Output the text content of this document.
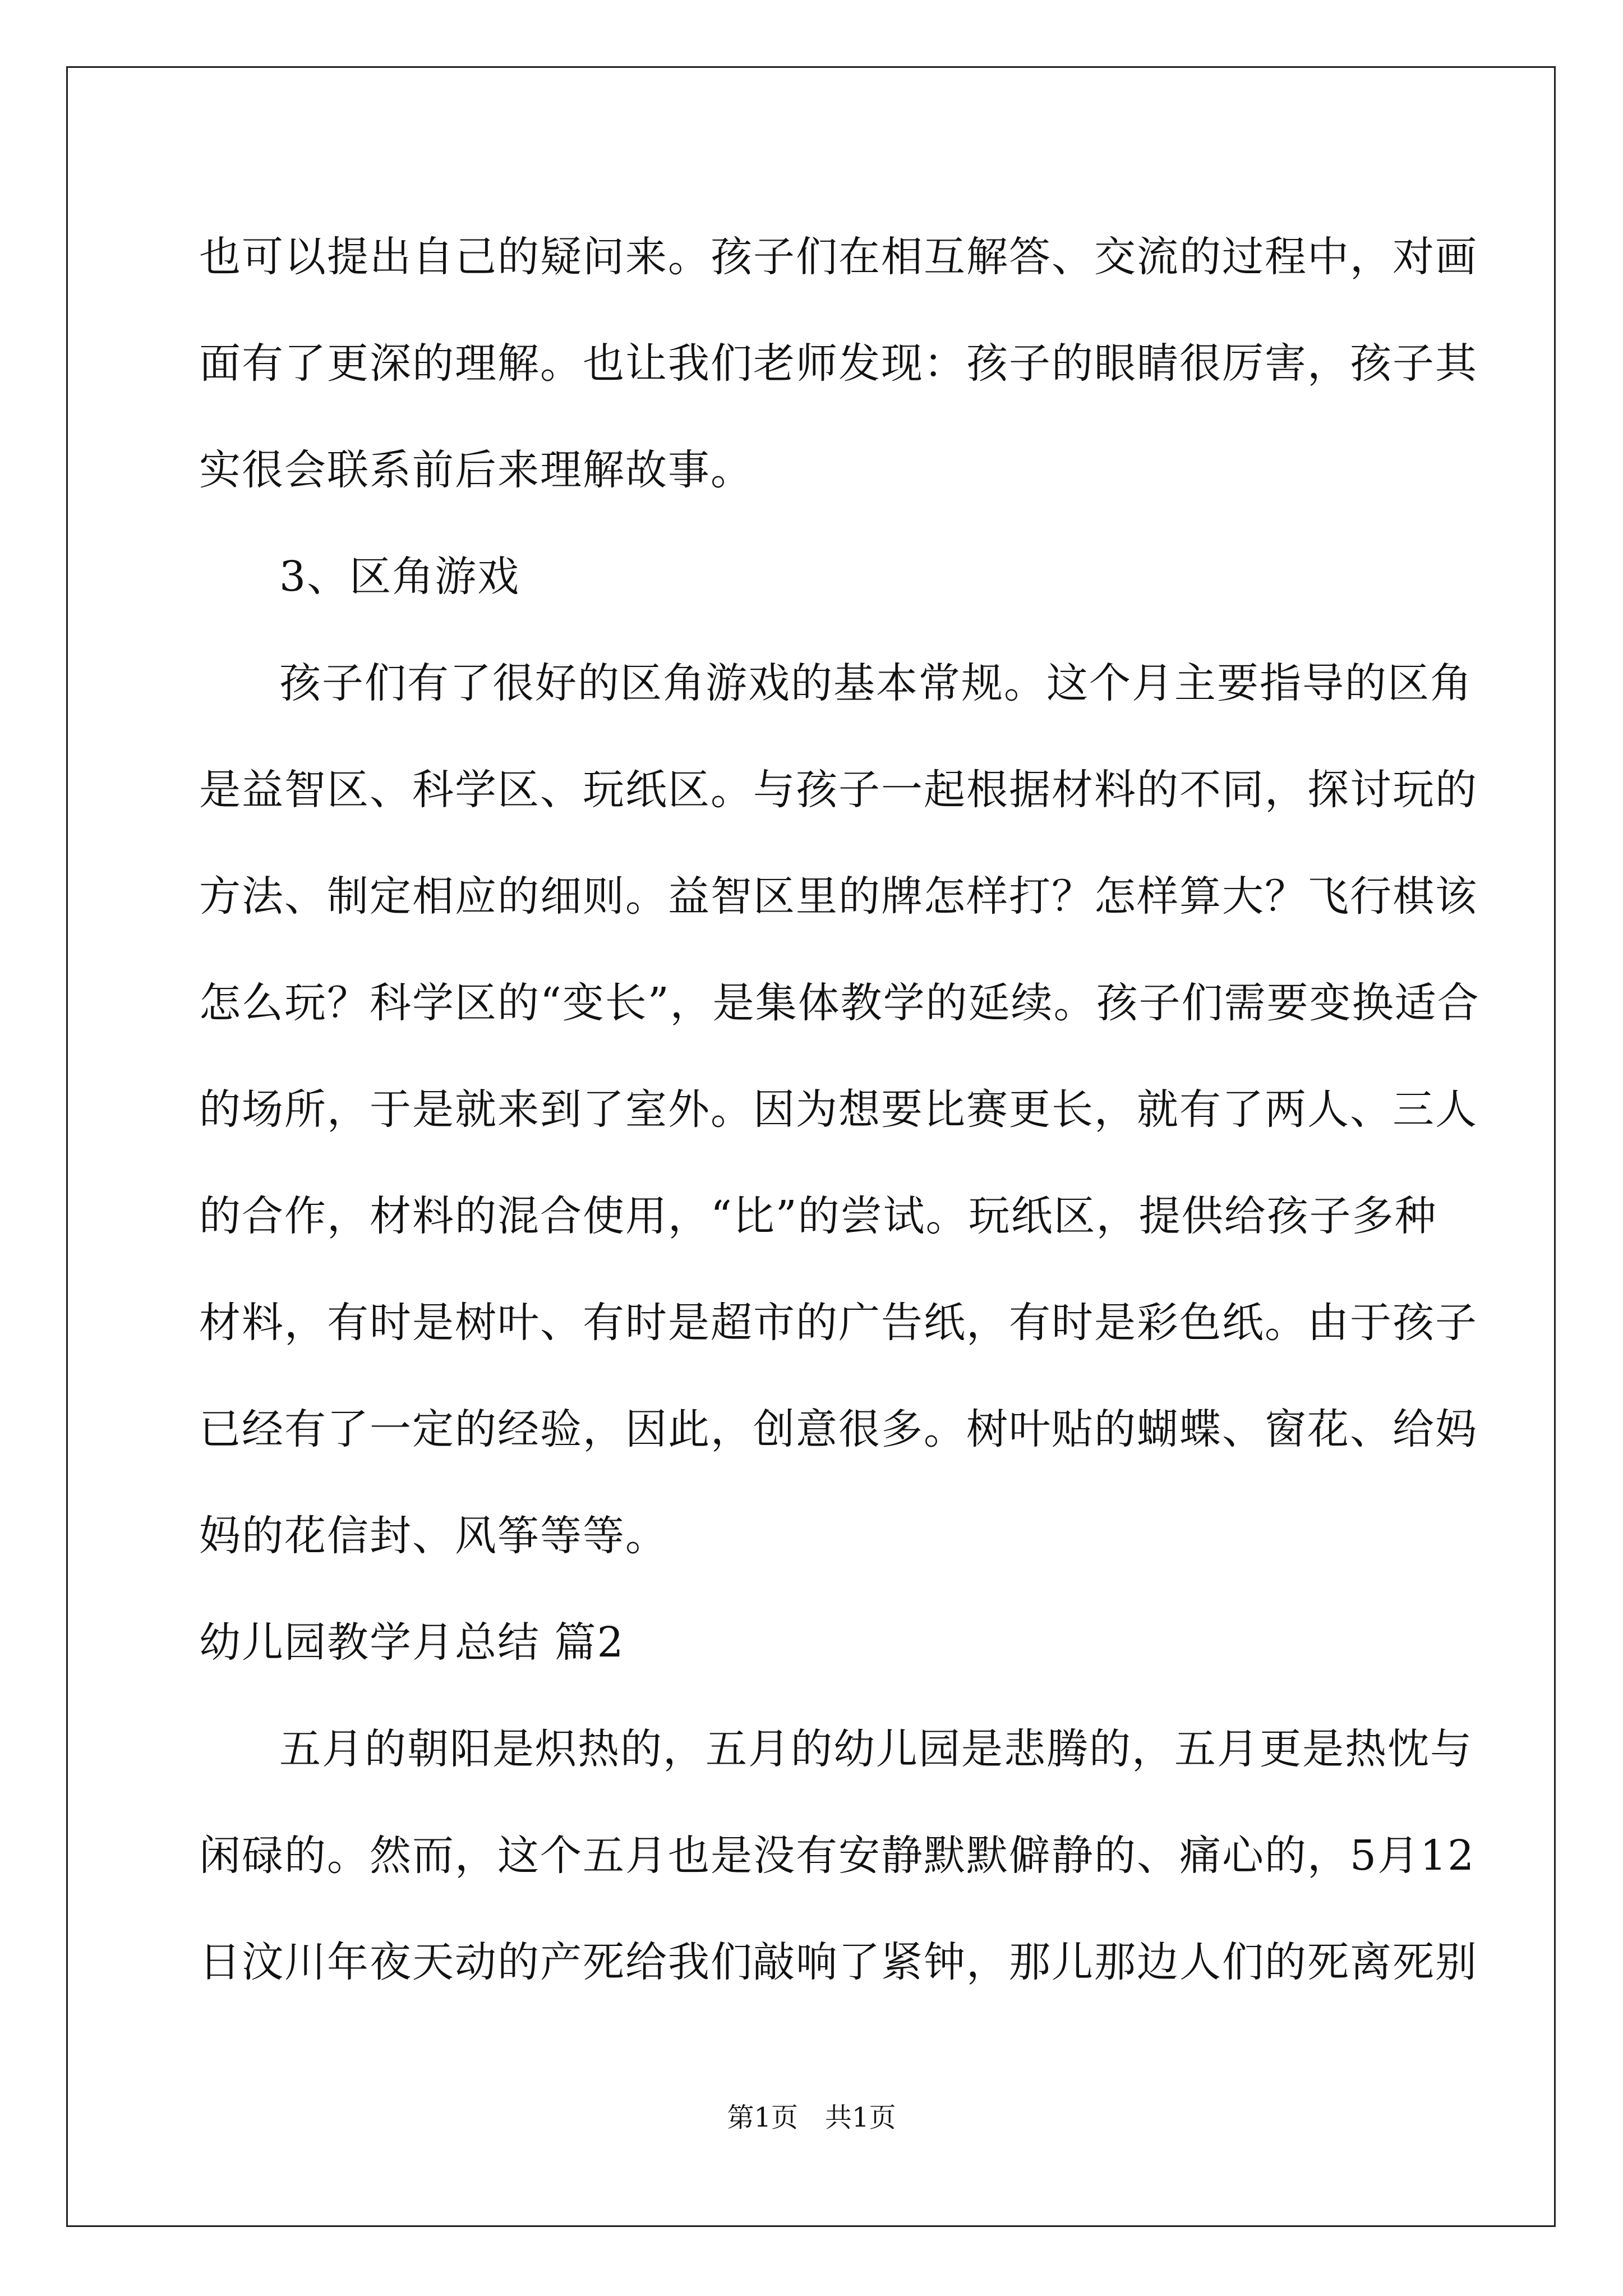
也可以提出自己的疑问来。孩子们在相互解答、交流的过程中，对画
面有了更深的理解。也让我们老师发现：孩子的眼睛很厉害，孩子其
实很会联系前后来理解故事。
3、区角游戏
孩子们有了很好的区角游戏的基本常规。这个月主要指导的区角
是益智区、科学区、玩纸区。与孩子一起根据材料的不同，探讨玩的
方法、制定相应的细则。益智区里的牌怎样打？怎样算大？飞行棋该
怎么玩？科学区的“变长”，是集体教学的延续。孩子们需要变换适合
的场所，于是就来到了室外。因为想要比赛更长，就有了两人、三人
的合作，材料的混合使用，“比”的尝试。玩纸区，提供给孩子多种
材料，有时是树叶、有时是超市的广告纸，有时是彩色纸。由于孩子
已经有了一定的经验，因此，创意很多。树叶贴的蝴蝶、窗花、给妈
妈的花信封、风筝等等。
幼儿园教学月总结 篇2
五月的朝阳是炽热的，五月的幼儿园是悲腾的，五月更是热忱与
闲碌的。然而，这个五月也是没有安静默默僻静的、痛心的，5月12
日汶川年夜天动的产死给我们敲响了紧钟，那儿那边人们的死离死别
第1页　共1页
